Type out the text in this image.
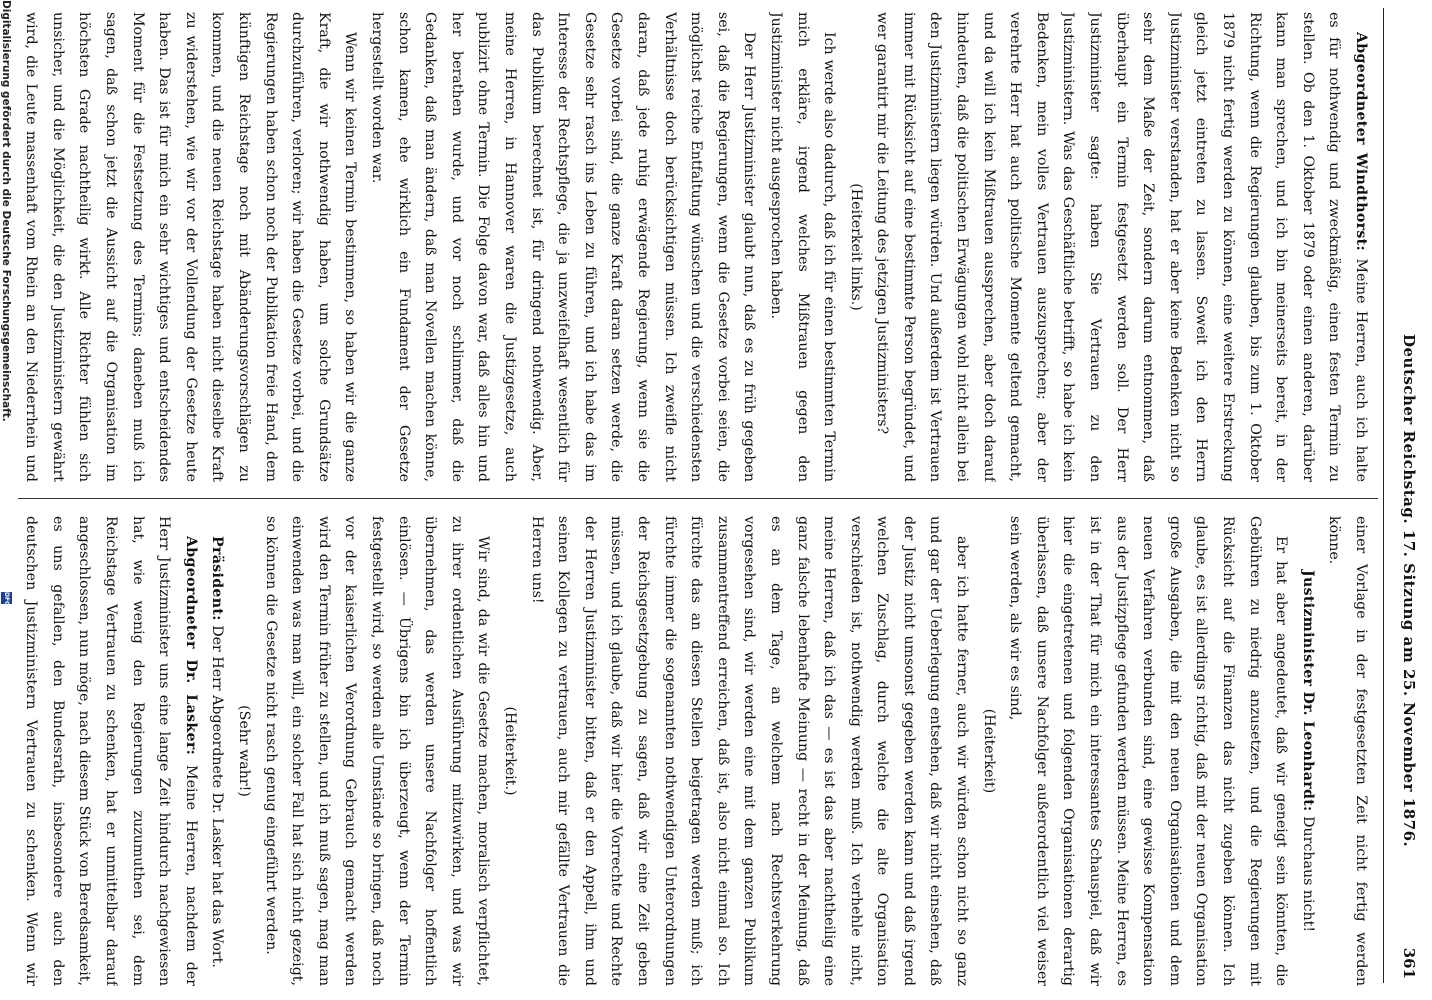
Deutscher Reichstag. 17. Sitzung am 25. November 1876.
361

Abgeordneter Windthorst: Meine Herren, auch ich halte es für nothwendig und zweckmäßig, einen festen Termin zu stellen. Ob den 1. Oktober 1879 oder einen anderen, darüber kann man sprechen, und ich bin meinerseits bereit, in der Richtung, wenn die Regierungen glauben, bis zum 1. Oktober 1879 nicht fertig werden zu können, eine weitere Erstreckung gleich jetzt eintreten zu lassen. Soweit ich den Herrn Justizminister verstanden, hat er aber keine Bedenken nicht so sehr dem Maße der Zeit, sondern darum entnommen, daß überhaupt ein Termin festgesetzt werden soll. Der Herr Justizminister sagte: haben Sie Vertrauen zu den Justizministern. Was das Geschäftliche betrifft, so habe ich kein Bedenken, mein volles Vertrauen auszusprechen; aber der verehrte Herr hat auch politische Momente geltend gemacht, und da will ich kein Mißtrauen aussprechen, aber doch darauf hindeuten, daß die politischen Erwägungen wohl nicht allein bei den Justizministern liegen würden. Und außerdem ist Vertrauen immer mit Rücksicht auf eine bestimmte Person begründet, und wer garantirt mir die Leitung des jetzigen Justizministers?

(Heiterkeit links.)

Ich werde also dadurch, daß ich für einen bestimmten Termin mich erkläre, irgend welches Mißtrauen gegen den Justizminister nicht ausgesprochen haben.

Der Herr Justizminister glaubt nun, daß es zu früh gegeben sei, daß die Regierungen, wenn die Gesetze vorbei seien, die möglichst reiche Entfaltung wünschen und die verschiedensten Verhältnisse doch berücksichtigen müssen. Ich zweifle nicht daran, daß jede ruhig erwägende Regierung, wenn sie die Gesetze vorbei sind, die ganze Kraft daran setzen werde, die Gesetze sehr rasch ins Leben zu führen, und ich habe das im Interesse der Rechtspflege, die ja unzweifelhaft wesentlich für das Publikum berechnet ist, für dringend nothwendig. Aber, meine Herren, in Hannover waren die Justizgesetze, auch publizirt ohne Termin. Die Folge davon war, daß alles hin und her berathen wurde, und vor noch schlimmer, daß die Gedanken, daß man ändern, daß man Novellen machen könne, schon kamen, ehe wirklich ein Fundament der Gesetze hergestellt worden war.

Wenn wir keinen Termin bestimmen, so haben wir die ganze Kraft, die wir nothwendig haben, um solche Grundsätze durchzuführen, verloren; wir haben die Gesetze vorbei, und die Regierungen haben schon noch der Publikation freie Hand, dem künftigen Reichstage noch mit Abänderungsvorschlägen zu kommen, und die neuen Reichstage haben nicht dieselbe Kraft zu widerstehen, wie wir vor der Vollendung der Gesetze heute haben. Das ist für mich ein sehr wichtiges und entscheidendes Moment für die Festsetzung des Termins; daneben muß ich sagen, daß schon jetzt die Aussicht auf die Organisation im höchsten Grade nachtheilig wirkt. Alle Richter fühlen sich unsicher, und die Möglichkeit, die den Justizministern gewährt wird, die Leute massenhaft vom Rhein an den Niederrhein und

einer Vorlage in der festgesetzten Zeit nicht fertig werden könne.

Justizminister Dr. Leonhardt: Durchaus nicht!

Er hat aber angedeutet, daß wir geneigt sein könnten, die Gebühren zu niedrig anzusetzen, und die Regierungen mit Rücksicht auf die Finanzen das nicht zugeben können. Ich glaube, es ist allerdings richtig, daß mit der neuen Organisation große Ausgaben, die mit den neuen Organisationen und dem neuen Verfahren verbunden sind, eine gewisse Kompensation aus der Justizpflege gefunden werden müssen. Meine Herren, es ist in der That für mich ein interessantes Schauspiel, daß wir hier die eingetretenen und folgenden Organisationen derartig überlassen, daß unsere Nachfolger außerordentlich viel weiser sein werden, als wir es sind,

(Heiterkeit)

aber ich hatte ferner, auch wir würden schon nicht so ganz und gar der Ueberlegung entsehen, daß wir nicht einsehen, daß der Justiz nicht umsonst gegeben werden kann und daß irgend welchen Zuschlag, durch welche die alte Organisation verschieden ist, nothwendig werden muß. Ich verhehle nicht, meine Herren, daß ich das — es ist das aber nachtheilig eine ganz falsche lebenhafte Meinung — recht in der Meinung, daß es an dem Tage, an welchem nach Rechtsverkehrung vorgesehen sind, wir werden eine mit dem ganzen Publikum zusammentreffend erreichen, daß ist, also nicht einmal so. Ich fürchte das an diesen Stellen beigetragen werden muß; ich fürchte immer die sogenannten nothwendigen Unterordnungen der Reichsgesetzgebung zu sagen, daß wir eine Zeit geben müssen, und ich glaube, daß wir hier die Vorrechte und Rechte der Herren Justizminister bitten, daß er den Appell, ihm und seinen Kollegen zu vertrauen, auch mir gefällte Vertrauen die Herren uns!

(Heiterkeit.)

Wir sind, da wir die Gesetze machen, moralisch verpflichtet, zu ihrer ordentlichen Ausführung mitzuwirken, und was wir übernehmen, das werden unsere Nachfolger hoffentlich einlösen. — Übrigens bin ich überzeugt, wenn der Termin festgestellt wird, so werden alle Umstände so bringen, daß noch vor der kaiserlichen Verordnung Gebrauch gemacht werden wird den Termin früher zu stellen, und ich muß sagen, mag man einwenden was man will, ein solcher Fall hat sich nicht gezeigt, so können die Gesetze nicht rasch genug eingeführt werden.

(Sehr wahr!)

Präsident: Der Herr Abgeordnete Dr. Lasker hat das Wort.

Abgeordneter Dr. Lasker: Meine Herren, nachdem der Herr Justizminister uns eine lange Zeit hindurch nachgewiesen hat, wie wenig den Regierungen zuzumuthen sei, dem Reichstage Vertrauen zu schenken, hat er unmittelbar darauf angeschlossen, nun möge, nach diesem Stück von Beredsamkeit, es uns gefallen, den Bundesrath, insbesondere auch den deutschen Justizministern Vertrauen zu schenken. Wenn wir

Digitalisierung gefördert durch die Deutsche Forschungsgemeinschaft.
DFG
